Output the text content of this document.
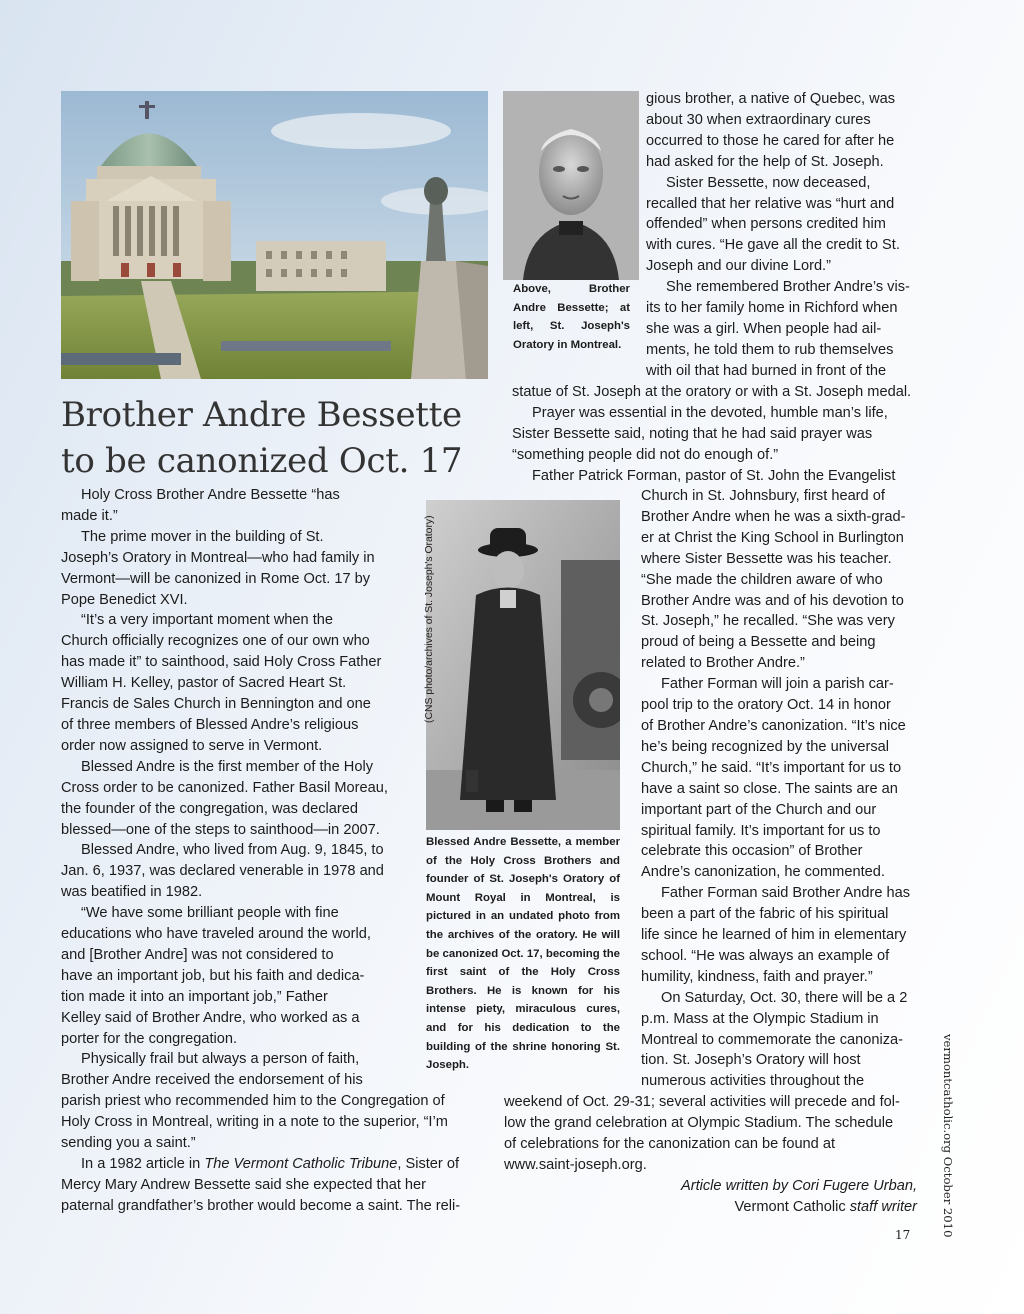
Brother Andre Bessette
to be canonized Oct. 17
(CNS photo/archives of St. Joseph's Oratory)
Above, Brother Andre Bessette; at left, St. Joseph's Oratory in Montreal.
Blessed Andre Bessette, a member of the Holy Cross Brothers and founder of St. Joseph's Oratory of Mount Royal in Montreal, is pictured in an undated photo from the archives of the oratory. He will be canonized Oct. 17, becoming the first saint of the Holy Cross Brothers. He is known for his intense piety, miraculous cures, and for his dedication to the building of the shrine honoring St. Joseph.
Holy Cross Brother Andre Bessette “has
made it.”
The prime mover in the building of St.
Joseph’s Oratory in Montreal—who had family in
Vermont—will be canonized in Rome Oct. 17 by
Pope Benedict XVI.
“It’s a very important moment when the
Church officially recognizes one of our own who
has made it” to sainthood, said Holy Cross Father
William H. Kelley, pastor of Sacred Heart St.
Francis de Sales Church in Bennington and one
of three members of Blessed Andre’s religious
order now assigned to serve in Vermont.
Blessed Andre is the first member of the Holy
Cross order to be canonized. Father Basil Moreau,
the founder of the congregation, was declared
blessed—one of the steps to sainthood—in 2007.
Blessed Andre, who lived from Aug. 9, 1845, to
Jan. 6, 1937, was declared venerable in 1978 and
was beatified in 1982.
“We have some brilliant people with fine
educations who have traveled around the world,
and [Brother Andre] was not considered to
have an important job, but his faith and dedica-
tion made it into an important job,” Father
Kelley said of Brother Andre, who worked as a
porter for the congregation.
Physically frail but always a person of faith,
Brother Andre received the endorsement of his
parish priest who recommended him to the Congregation of
Holy Cross in Montreal, writing in a note to the superior, “I’m
sending you a saint.”
In a 1982 article in The Vermont Catholic Tribune, Sister of
Mercy Mary Andrew Bessette said she expected that her
paternal grandfather’s brother would become a saint. The reli-
gious brother, a native of Quebec, was
about 30 when extraordinary cures
occurred to those he cared for after he
had asked for the help of St. Joseph.
Sister Bessette, now deceased,
recalled that her relative was “hurt and
offended” when persons credited him
with cures. “He gave all the credit to St.
Joseph and our divine Lord.”
She remembered Brother Andre’s vis-
its to her family home in Richford when
she was a girl. When people had ail-
ments, he told them to rub themselves
with oil that had burned in front of the
statue of St. Joseph at the oratory or with a St. Joseph medal.
Prayer was essential in the devoted, humble man’s life,
Sister Bessette said, noting that he had said prayer was
“something people did not do enough of.”
Father Patrick Forman, pastor of St. John the Evangelist
Church in St. Johnsbury, first heard of
Brother Andre when he was a sixth-grad-
er at Christ the King School in Burlington
where Sister Bessette was his teacher.
“She made the children aware of who
Brother Andre was and of his devotion to
St. Joseph,” he recalled. “She was very
proud of being a Bessette and being
related to Brother Andre.”
Father Forman will join a parish car-
pool trip to the oratory Oct. 14 in honor
of Brother Andre’s canonization. “It’s nice
he’s being recognized by the universal
Church,” he said. “It’s important for us to
have a saint so close. The saints are an
important part of the Church and our
spiritual family. It’s important for us to
celebrate this occasion” of Brother
Andre’s canonization, he commented.
Father Forman said Brother Andre has
been a part of the fabric of his spiritual
life since he learned of him in elementary
school. “He was always an example of
humility, kindness, faith and prayer.”
On Saturday, Oct. 30, there will be a 2
p.m. Mass at the Olympic Stadium in
Montreal to commemorate the canoniza-
tion. St. Joseph’s Oratory will host
numerous activities throughout the
weekend of Oct. 29-31; several activities will precede and fol-
low the grand celebration at Olympic Stadium. The schedule
of celebrations for the canonization can be found at
www.saint-joseph.org.
Article written by Cori Fugere Urban,
Vermont Catholic staff writer vermontcatholic.org October 2010
17
